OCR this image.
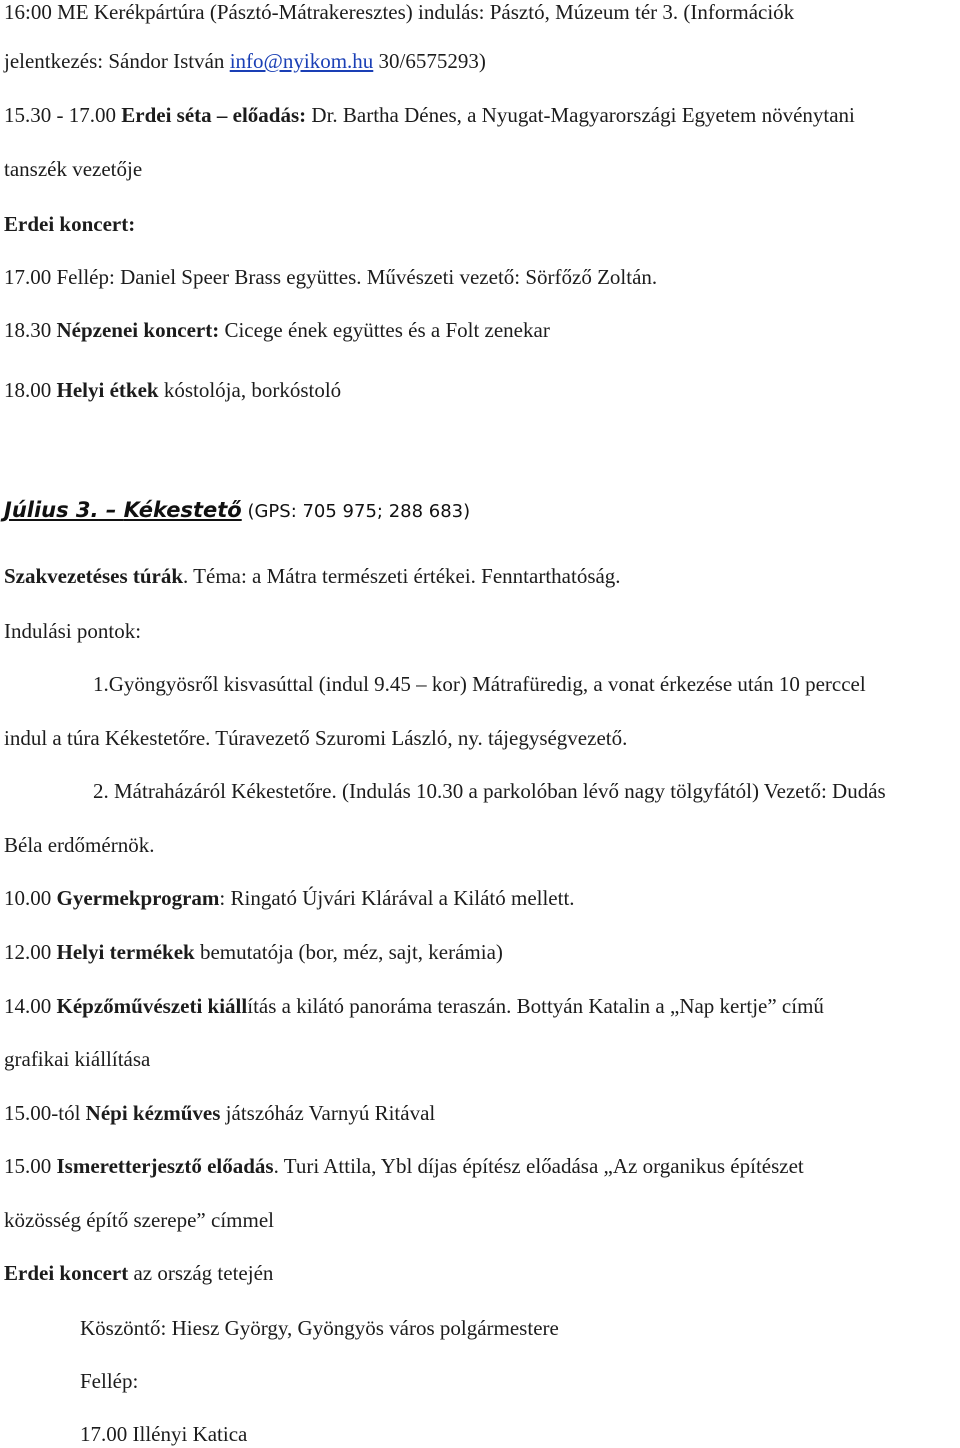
16:00 ME Kerékpártúra (Pásztó-Mátrakeresztes) indulás: Pásztó, Múzeum tér 3. (Információk
jelentkezés: Sándor István info@nyikom.hu 30/6575293)
15.30 - 17.00 Erdei séta – előadás: Dr. Bartha Dénes, a Nyugat-Magyarországi Egyetem növénytani
tanszék vezetője
Erdei koncert:
17.00 Fellép: Daniel Speer Brass együttes. Művészeti vezető: Sörfőző Zoltán.
18.30 Népzenei koncert: Cicege ének együttes és a Folt zenekar
18.00 Helyi étkek kóstolója, borkóstoló
Július 3. – Kékestető (GPS: 705 975; 288 683)
Szakvezetéses túrák. Téma: a Mátra természeti értékei. Fenntarthatóság.
Indulási pontok:
1.Gyöngyösről kisvasúttal (indul 9.45 – kor) Mátrafüredig, a vonat érkezése után 10 perccel
indul a túra Kékestetőre. Túravezető Szuromi László, ny. tájegységvezető.
2. Mátraházáról Kékestetőre. (Indulás 10.30 a parkolóban lévő nagy tölgyfától) Vezető: Dudás
Béla erdőmérnök.
10.00 Gyermekprogram: Ringató Újvári Klárával a Kilátó mellett.
12.00 Helyi termékek bemutatója (bor, méz, sajt, kerámia)
14.00 Képzőművészeti kiállítás a kilátó panoráma teraszán. Bottyán Katalin a „Nap kertje” című
grafikai kiállítása
15.00-tól Népi kézműves játszóház Varnyú Ritával
15.00 Ismeretterjesztő előadás. Turi Attila, Ybl díjas építész előadása „Az organikus építészet
közösség építő szerepe” címmel
Erdei koncert az ország tetején
Köszöntő: Hiesz György, Gyöngyös város polgármestere
Fellép:
17.00 Illényi Katica
